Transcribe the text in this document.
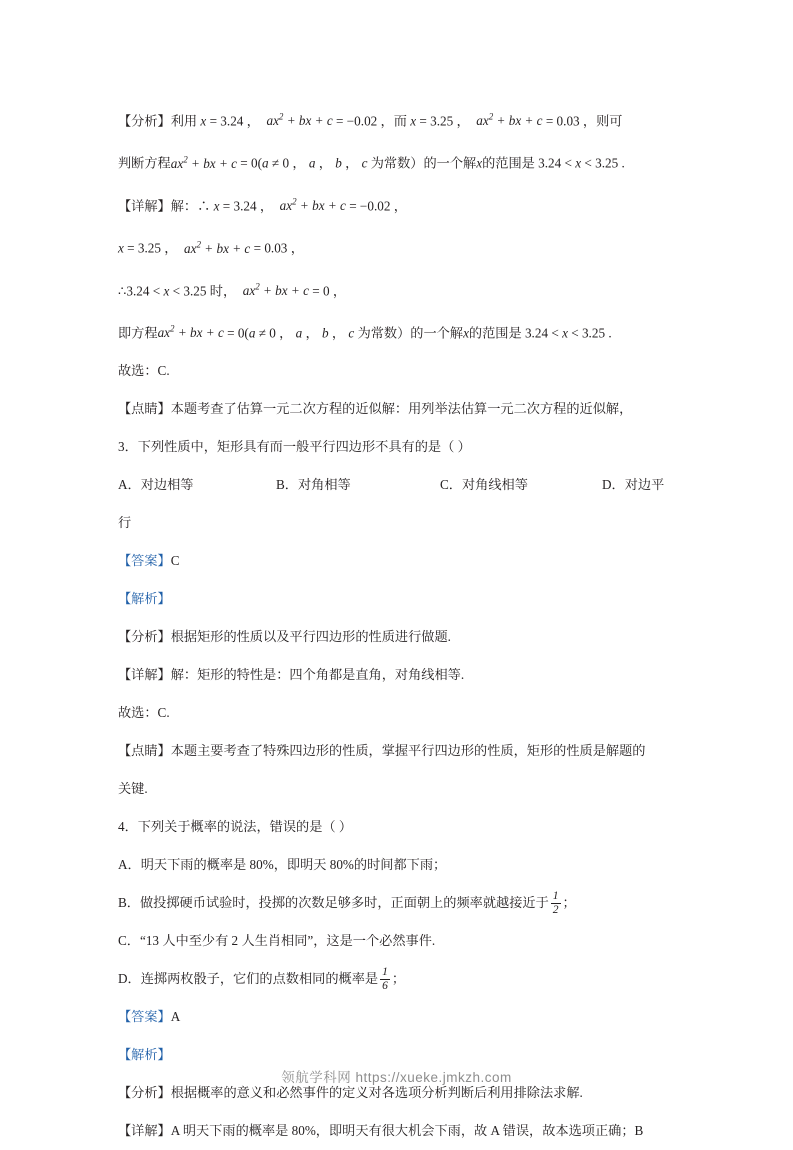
【分析】利用 x = 3.24 ，  $ax^2$ + bx + c = −0.02 ，而 x = 3.25 ，  $ax^2$ + bx + c = 0.03 ，则可
判断方程$ax^2$ + bx + c = 0(a ≠ 0 ， a ， b ， c 为常数）的一个解x的范围是 3.24 < x < 3.25 .
【详解】解：∴ x = 3.24 ，  $ax^2$ + bx + c = −0.02 ，
x = 3.25 ，  $ax^2$ + bx + c = 0.03 ，
∴3.24 < x < 3.25 时，  $ax^2$ + bx + c = 0 ，
即方程$ax^2$ + bx + c = 0(a ≠ 0 ， a ， b ， c 为常数）的一个解x的范围是 3.24 < x < 3.25 .
故选：C.
【点睛】本题考查了估算一元二次方程的近似解：用列举法估算一元二次方程的近似解，
3．下列性质中，矩形具有而一般平行四边形不具有的是（ ）
A．对边相等	B．对角相等	C．对角线相等	D．对边平
行
【答案】C
【解析】
【分析】根据矩形的性质以及平行四边形的性质进行做题.
【详解】解：矩形的特性是：四个角都是直角，对角线相等.
故选：C.
【点睛】本题主要考查了特殊四边形的性质，掌握平行四边形的性质，矩形的性质是解题的
关键.
4．下列关于概率的说法，错误的是（ ）
A．明天下雨的概率是 80%，即明天 80%的时间都下雨；
B．做投掷硬币试验时，投掷的次数足够多时，正面朝上的频率就越接近于 $\frac{1}{2}$ ；
C．“13 人中至少有 2 人生肖相同”，这是一个必然事件.
D．连掷两枚骰子，它们的点数相同的概率是 $\frac{1}{6}$ ；
【答案】A
【解析】
【分析】根据概率的意义和必然事件的定义对各选项分析判断后利用排除法求解.
【详解】A 明天下雨的概率是 80%，即明天有很大机会下雨，故 A 错误，故本选项正确；B
领航学科网 https://xueke.jmkzh.com
